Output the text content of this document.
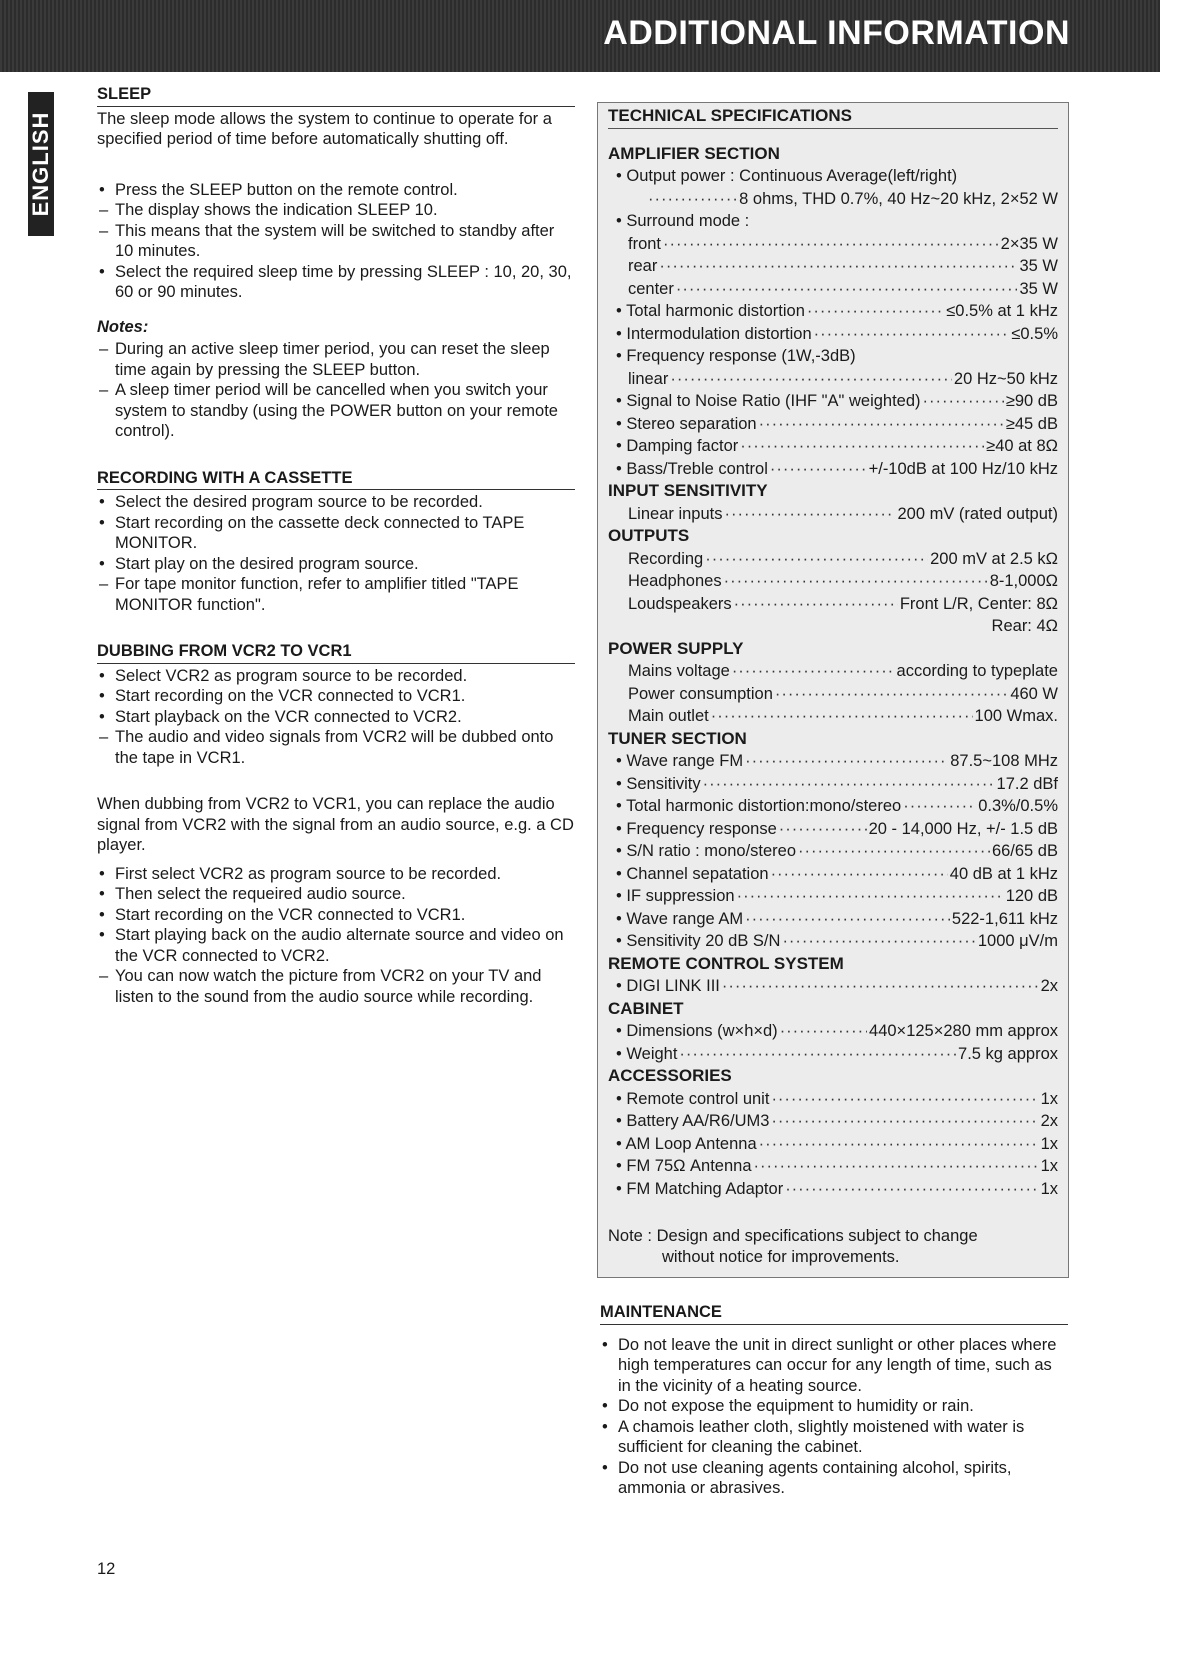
ADDITIONAL INFORMATION
ENGLISH
SLEEP

The sleep mode allows the system to continue to operate for a specified period of time before automatically shutting off.

• Press the SLEEP button on the remote control.
– The display shows the indication SLEEP 10.
– This means that the system will be switched to standby after 10 minutes.
• Select the required sleep time by pressing SLEEP : 10, 20, 30, 60 or 90 minutes.
Notes:
– During an active sleep timer period, you can reset the sleep time again by pressing the SLEEP button.
– A sleep timer period will be cancelled when you switch your system to standby (using the POWER button on your remote control).
RECORDING WITH A CASSETTE
• Select the desired program source to be recorded.
• Start recording on the cassette deck connected to TAPE MONITOR.
• Start play on the desired program source.
– For tape monitor function, refer to amplifier titled "TAPE MONITOR function".
DUBBING FROM VCR2 TO VCR1
• Select VCR2 as program source to be recorded.
• Start recording on the VCR connected to VCR1.
• Start playback on the VCR connected to VCR2.
– The audio and video signals from VCR2 will be dubbed onto the tape in VCR1.

When dubbing from VCR2 to VCR1, you can replace the audio signal from VCR2 with the signal from an audio source, e.g. a CD player.

• First select VCR2 as program source to be recorded.
• Then select the requeired audio source.
• Start recording on the VCR connected to VCR1.
• Start playing back on the audio alternate source and video on the VCR connected to VCR2.
– You can now watch the picture from VCR2 on your TV and listen to the sound from the audio source while recording.
TECHNICAL SPECIFICATIONS
AMPLIFIER SECTION
• Output power : Continuous Average(left/right)
·····
8 ohms, THD 0.7%, 40 Hz~20 kHz, 2×52 W
• Surround mode :
front ·····	2×35 W
rear ·····	35 W
center ·····	35 W
• Total harmonic distortion ·····	≤0.5% at 1 kHz
• Intermodulation distortion ·····	≤0.5%
• Frequency response (1W,-3dB)
linear ·····	20 Hz~50 kHz
• Signal to Noise Ratio (IHF "A" weighted) ·····	≥90 dB
• Stereo separation ·····	≥45 dB
• Damping factor ·····	≥40 at 8Ω
• Bass/Treble control ·····	+/-10dB at 100 Hz/10 kHz
INPUT SENSITIVITY
Linear inputs ·····	200 mV (rated output)
OUTPUTS
Recording ·····	200 mV at 2.5 kΩ
Headphones ·····	8-1,000Ω
Loudspeakers ·····	Front L/R, Center: 8Ω
Rear: 4Ω
POWER SUPPLY
Mains voltage ·····	according to typeplate
Power consumption ·····	460 W
Main outlet ·····	100 Wmax.
TUNER SECTION
• Wave range FM ·····	87.5~108 MHz
• Sensitivity ·····	17.2 dBf
• Total harmonic distortion:mono/stereo ·····	0.3%/0.5%
• Frequency response ·····	20 - 14,000 Hz, +/- 1.5 dB
• S/N ratio : mono/stereo ·····	66/65 dB
• Channel sepatation ·····	40 dB at 1 kHz
• IF suppression ·····	120 dB
• Wave range AM ·····	522-1,611 kHz
• Sensitivity 20 dB S/N ·····	1000 μV/m
REMOTE CONTROL SYSTEM
• DIGI LINK III ·····	2x
CABINET
• Dimensions (w×h×d) ·····	440×125×280 mm approx
• Weight ·····	7.5 kg approx
ACCESSORIES
• Remote control unit ·····	1x
• Battery AA/R6/UM3 ·····	2x
• AM Loop Antenna ·····	1x
• FM 75Ω Antenna ·····	1x
• FM Matching Adaptor ·····	1x
Note : Design and specifications subject to change
without notice for improvements.
MAINTENANCE
• Do not leave the unit in direct sunlight or other places where high temperatures can occur for any length of time, such as in the vicinity of a heating source.
• Do not expose the equipment to humidity or rain.
• A chamois leather cloth, slightly moistened with water is sufficient for cleaning the cabinet.
• Do not use cleaning agents containing alcohol, spirits, ammonia or abrasives.
12
